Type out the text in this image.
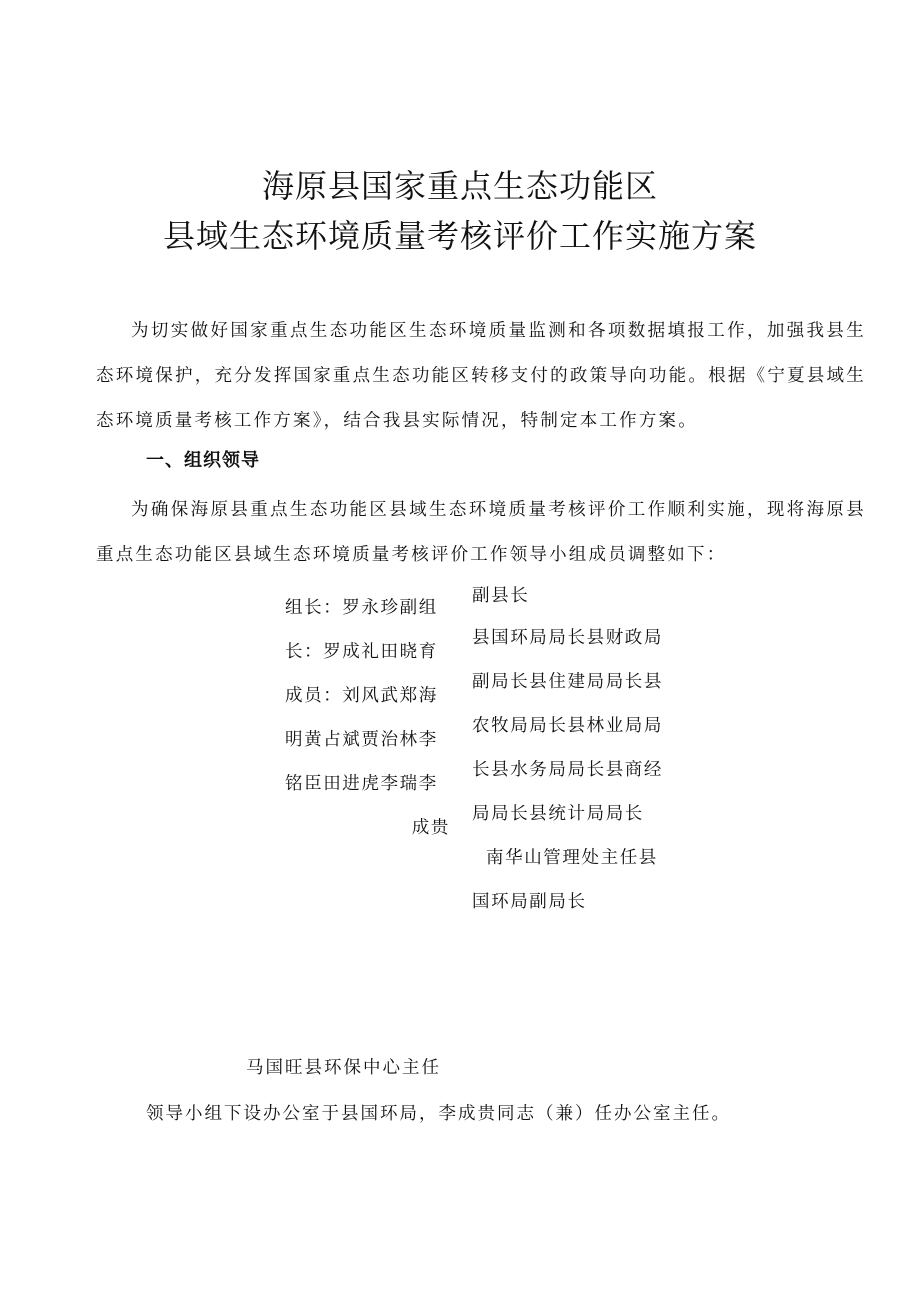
海原县国家重点生态功能区
县域生态环境质量考核评价工作实施方案

为切实做好国家重点生态功能区生态环境质量监测和各项数据填报工作，加强我县生态环境保护，充分发挥国家重点生态功能区转移支付的政策导向功能。根据《宁夏县域生态环境质量考核工作方案》，结合我县实际情况，特制定本工作方案。

一、组织领导

为确保海原县重点生态功能区县域生态环境质量考核评价工作顺利实施，现将海原县重点生态功能区县域生态环境质量考核评价工作领导小组成员调整如下：

组长：罗永珍副组
长：罗成礼田晓育
成员：刘风武郑海
明黄占斌贾治林李
铭臣田进虎李瑞李
成贵
副县长
县国环局局长县财政局
副局长县住建局局长县
农牧局局长县林业局局
长县水务局局长县商经
局局长县统计局局长
南华山管理处主任县
国环局副局长
马国旺县环保中心主任
领导小组下设办公室于县国环局，李成贵同志（兼）任办公室主任。
